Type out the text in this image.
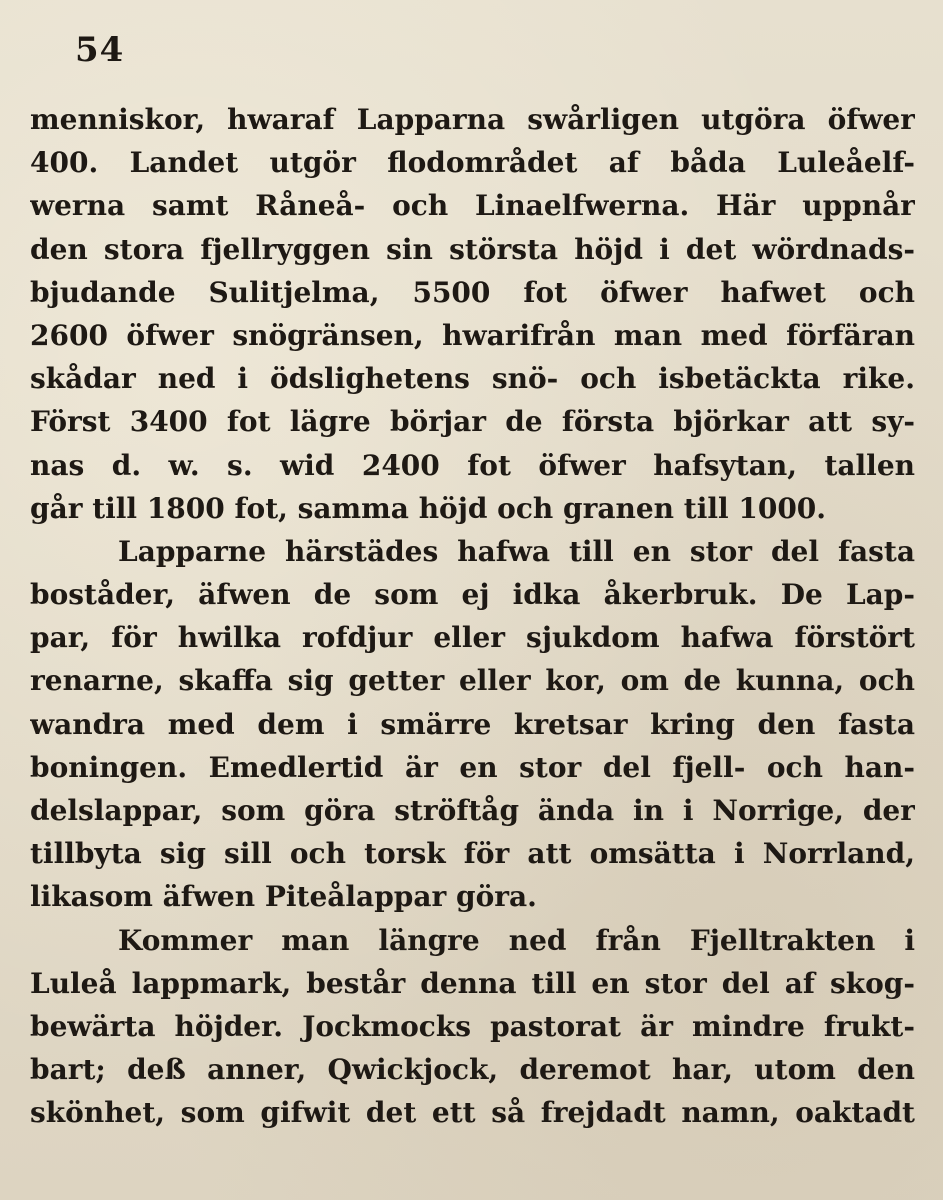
54
menniskor, hwaraf Lapparna swårligen utgöra öfwer
400. Landet utgör flodområdet af båda Luleåelf-
werna samt Råneå- och Linaelfwerna. Här uppnår
den stora fjellryggen sin största höjd i det wördnads-
bjudande Sulitjelma, 5500 fot öfwer hafwet och
2600 öfwer snögränsen, hwarifrån man med förfäran
skådar ned i ödslighetens snö- och isbetäckta rike.
Först 3400 fot lägre börjar de första björkar att sy-
nas d. w. s. wid 2400 fot öfwer hafsytan, tallen
går till 1800 fot, samma höjd och granen till 1000.
Lapparne härstädes hafwa till en stor del fasta
boståder, äfwen de som ej idka åkerbruk. De Lap-
par, för hwilka rofdjur eller sjukdom hafwa förstört
renarne, skaffa sig getter eller kor, om de kunna, och
wandra med dem i smärre kretsar kring den fasta
boningen. Emedlertid är en stor del fjell- och han-
delslappar, som göra ströftåg ända in i Norrige, der
tillbyta sig sill och torsk för att omsätta i Norrland,
likasom äfwen Piteålappar göra.
Kommer man längre ned från Fjelltrakten i
Luleå lappmark, består denna till en stor del af skog-
bewärta höjder. Jockmocks pastorat är mindre frukt-
bart; deß anner, Qwickjock, deremot har, utom den
skönhet, som gifwit det ett så frejdadt namn, oaktadt
